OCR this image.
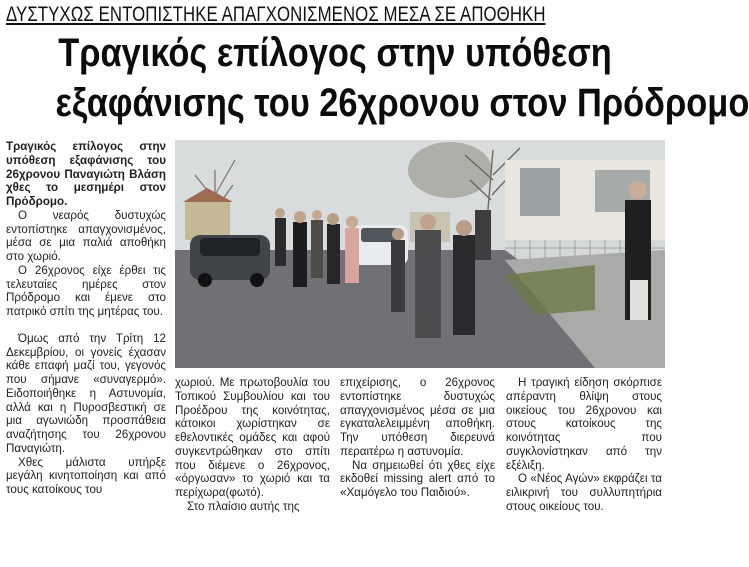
ΔΥΣΤΥΧΩΣ ΕΝΤΟΠΙΣΤΗΚΕ ΑΠΑΓΧΟΝΙΣΜΕΝΟΣ ΜΕΣΑ ΣΕ ΑΠΟΘΗΚΗ
Τραγικός επίλογος στην υπόθεση
εξαφάνισης του 26χρονου στον Πρόδρομο

Τραγικός επίλογος στην υπόθεση εξαφάνισης του 26χρονου Παναγιώτη Βλάση χθες το μεσημέρι στον Πρόδρομο.

Ο νεαρός δυστυχώς εντοπίστηκε απαγχονισμένος, μέσα σε μια παλιά αποθήκη στο χωριό.

Ο 26χρονος είχε έρθει τις τελευταίες ημέρες στον Πρόδρομο και έμενε στο πατρικό σπίτι της μητέρας του.

Όμως από την Τρίτη 12 Δεκεμβρίου, οι γονείς έχασαν κάθε επαφή μαζί του, γεγονός που σήμανε «συναγερμό». Ειδοποιήθηκε η Αστυνομία, αλλά και η Πυροσβεστική σε μια αγωνιώδη προσπάθεια αναζήτησης του 26χρονου Παναγιώτη.

Χθες μάλιστα υπήρξε μεγάλη κινητοποίηση και από τους κατοίκους του

χωριού. Με πρωτοβουλία του Τοπικού Συμβουλίου και του Προέδρου της κοινότητας, κάτοικοι χωρίστηκαν σε εθελοντικές ομάδες και αφού συγκεντρώθηκαν στο σπίτι που διέμενε ο 26χρονος, «όργωσαν» το χωριό και τα περίχωρα(φωτό).

Στο πλαίσιο αυτής της

επιχείρισης, ο 26χρονος εντοπίστηκε δυστυχώς απαγχονισμένος μέσα σε μια εγκαταλελειμμένη αποθήκη. Την υπόθεση διερευνά περαιτέρω η αστυνομία.

Να σημειωθεί ότι χθες είχε εκδοθεί missing alert από το «Χαμόγελο του Παιδιού».

Η τραγική είδηση σκόρπισε απέραντη θλίψη στους οικείους του 26χρονου και στους κατοίκους της κοινότητας που συγκλονίστηκαν από την εξέλιξη.

Ο «Νέος Αγών» εκφράζει τα ειλικρινή του συλλυπητήρια στους οικείους του.
